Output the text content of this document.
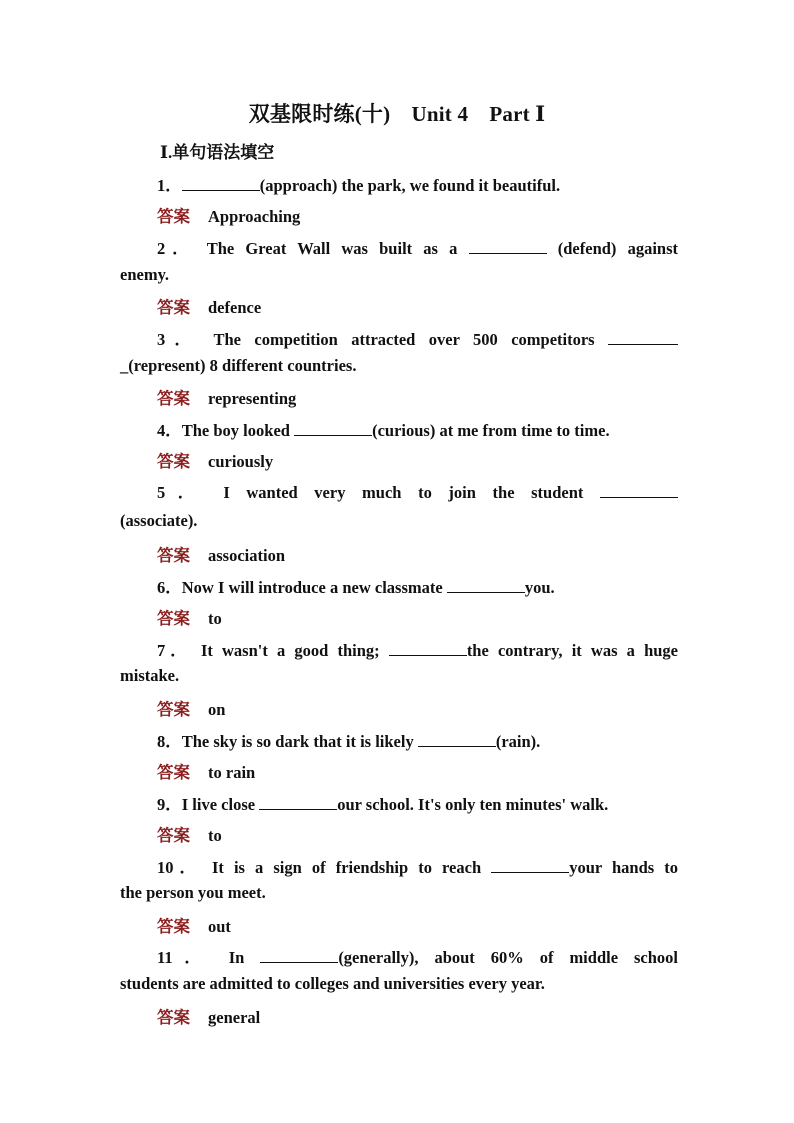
双基限时练(十)　Unit 4　Part Ⅰ
Ⅰ.单句语法填空
1．	(approach) the park, we found it beautiful.
答案 Approaching
2． The Great Wall was built as a	(defend) against
enemy.
答案 defence
3． The competition attracted over 500 competitors
_(represent) 8 different countries.
答案 representing
4．The boy looked	(curious) at me from time to time.
答案 curiously
5． I wanted very much to join the student
(associate).
答案 association
6．Now I will introduce a new classmate	you.
答案 to
7． It wasn't a good thing;	the contrary, it was a huge
mistake.
答案 on
8．The sky is so dark that it is likely	(rain).
答案 to rain
9．I live close	our school. It's only ten minutes' walk.
答案 to
10． It is a sign of friendship to reach	your hands to
the person you meet.
答案 out
11． In	(generally), about 60% of middle school
students are admitted to colleges and universities every year.
答案 general
